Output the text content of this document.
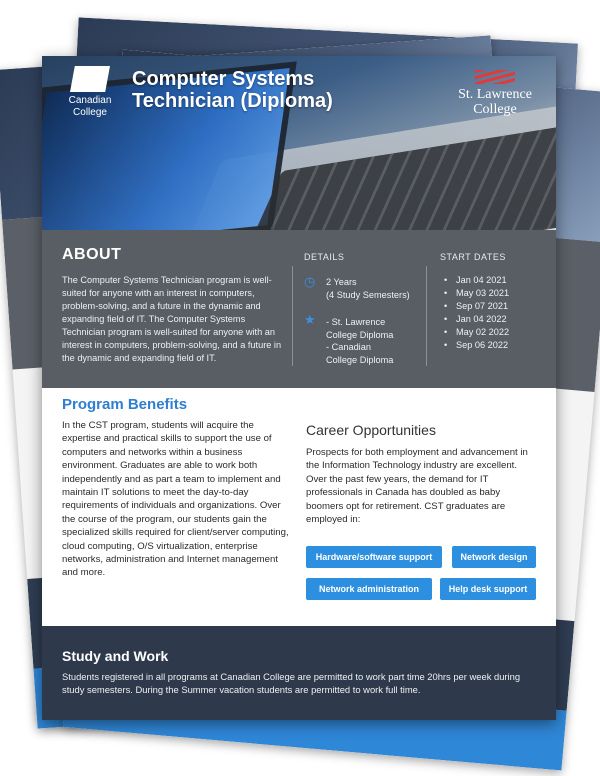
Canadian
College
Computer Systems Technician (Diploma)	St. Lawrence
College
ABOUT
The Computer Systems Technician program is well-suited for anyone with an interest in computers, problem-solving, and a future in the dynamic and expanding field of IT. The Computer Systems Technician program is well-suited for anyone with an interest in computers, problem-solving, and a future in the dynamic and expanding field of IT.
DETAILS
◷ 2 Years
(4 Study Semesters)
★ - St. Lawrence
College Diploma
- Canadian
College Diploma
START DATES
• Jan 04 2021
• May 03 2021
• Sep 07 2021
• Jan 04 2022
• May 02 2022
• Sep 06 2022
Program Benefits

In the CST program, students will acquire the expertise and practical skills to support the use of computers and networks within a business environment. Graduates are able to work both independently and as part a team to implement and maintain IT solutions to meet the day-to-day requirements of individuals and organizations. Over the course of the program, our students gain the specialized skills required for client/server computing, cloud computing, O/S virtualization, enterprise networks, administration and Internet management and more.

Career Opportunities

Prospects for both employment and advancement in the Information Technology industry are excellent. Over the past few years, the demand for IT professionals in Canada has doubled as baby boomers opt for retirement. CST graduates are employed in:

Hardware/software support	Network design
Network administration	Help desk support
Study and Work

Students registered in all programs at Canadian College are permitted to work part time 20hrs per week during study semesters. During the Summer vacation students are permitted to work full time.
